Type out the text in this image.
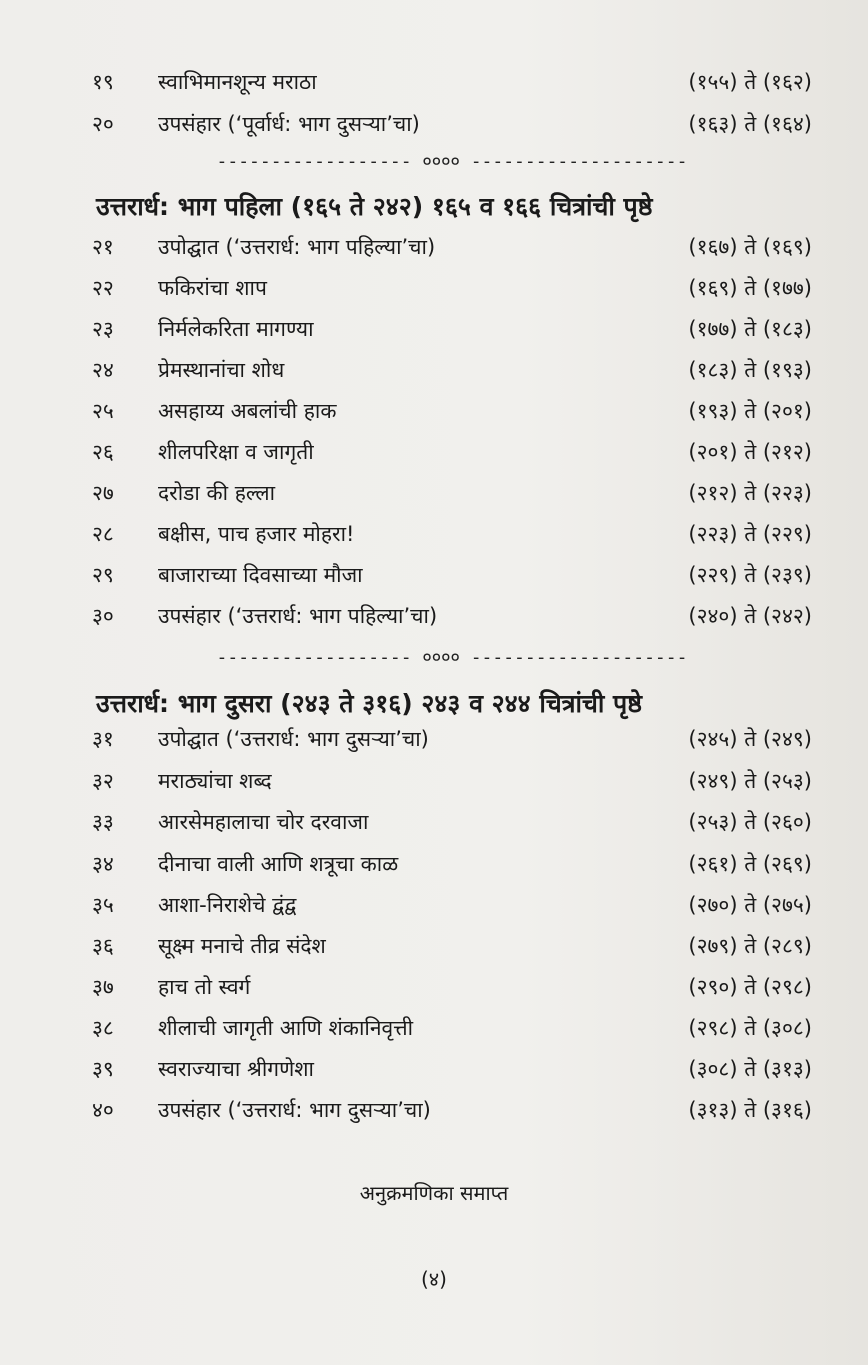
१९	स्वाभिमानशून्य मराठा	(१५५) ते (१६२)
२०	उपसंहार (‘पूर्वार्ध: भाग दुसऱ्या’चा)	(१६३) ते (१६४)
------------------ ०००० --------------------
उत्तरार्ध: भाग पहिला (१६५ ते २४२) १६५ व १६६ चित्रांची पृष्ठे
२१	उपोद्घात (‘उत्तरार्ध: भाग पहिल्या’चा)	(१६७) ते (१६९)
२२	फकिरांचा शाप	(१६९) ते (१७७)
२३	निर्मलेकरिता मागण्या	(१७७) ते (१८३)
२४	प्रेमस्थानांचा शोध	(१८३) ते (१९३)
२५	असहाय्य अबलांची हाक	(१९३) ते (२०१)
२६	शीलपरिक्षा व जागृती	(२०१) ते (२१२)
२७	दरोडा की हल्ला	(२१२) ते (२२३)
२८	बक्षीस, पाच हजार मोहरा!	(२२३) ते (२२९)
२९	बाजाराच्या दिवसाच्या मौजा	(२२९) ते (२३९)
३०	उपसंहार (‘उत्तरार्ध: भाग पहिल्या’चा)	(२४०) ते (२४२)
------------------ ०००० --------------------
उत्तरार्ध: भाग दुसरा (२४३ ते ३१६) २४३ व २४४ चित्रांची पृष्ठे
३१	उपोद्घात (‘उत्तरार्ध: भाग दुसऱ्या’चा)	(२४५) ते (२४९)
३२	मराठ्यांचा शब्द	(२४९) ते (२५३)
३३	आरसेमहालाचा चोर दरवाजा	(२५३) ते (२६०)
३४	दीनाचा वाली आणि शत्रूचा काळ	(२६१) ते (२६९)
३५	आशा-निराशेचे द्वंद्व	(२७०) ते (२७५)
३६	सूक्ष्म मनाचे तीव्र संदेश	(२७९) ते (२८९)
३७	हाच तो स्वर्ग	(२९०) ते (२९८)
३८	शीलाची जागृती आणि शंकानिवृत्ती	(२९८) ते (३०८)
३९	स्वराज्याचा श्रीगणेशा	(३०८) ते (३१३)
४०	उपसंहार (‘उत्तरार्ध: भाग दुसऱ्या’चा)	(३१३) ते (३१६)
अनुक्रमणिका समाप्त
(४)
